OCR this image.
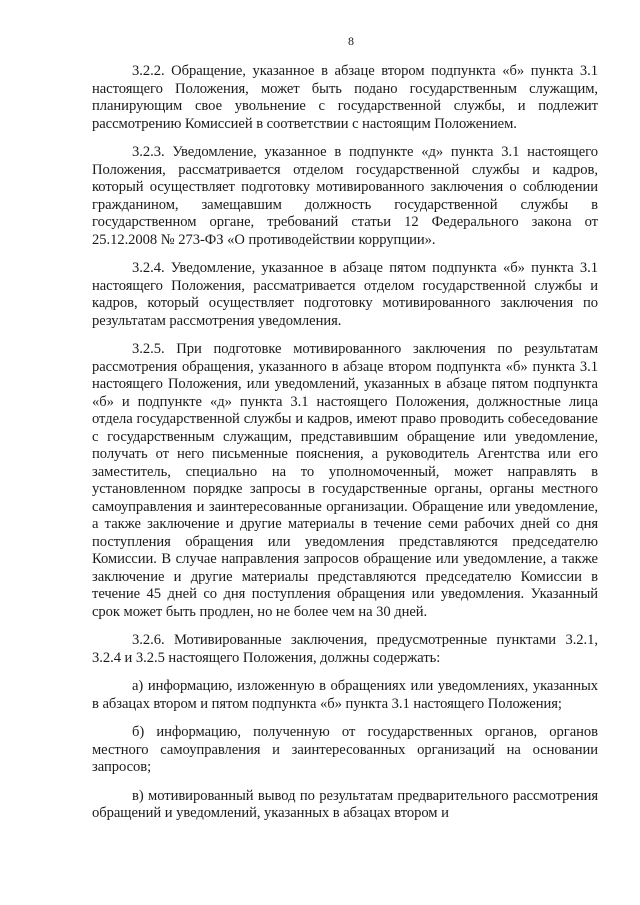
8

3.2.2. Обращение, указанное в абзаце втором подпункта «б» пункта 3.1 настоящего Положения, может быть подано государственным служащим, планирующим свое увольнение с государственной службы, и подлежит рассмотрению Комиссией в соответствии с настоящим Положением.

3.2.3. Уведомление, указанное в подпункте «д» пункта 3.1 настоящего Положения, рассматривается отделом государственной службы и кадров, который осуществляет подготовку мотивированного заключения о соблюдении гражданином, замещавшим должность государственной службы в государственном органе, требований статьи 12 Федерального закона от 25.12.2008 № 273-ФЗ «О противодействии коррупции».

3.2.4. Уведомление, указанное в абзаце пятом подпункта «б» пункта 3.1 настоящего Положения, рассматривается отделом государственной службы и кадров, который осуществляет подготовку мотивированного заключения по результатам рассмотрения уведомления.

3.2.5. При подготовке мотивированного заключения по результатам рассмотрения обращения, указанного в абзаце втором подпункта «б» пункта 3.1 настоящего Положения, или уведомлений, указанных в абзаце пятом подпункта «б» и подпункте «д» пункта 3.1 настоящего Положения, должностные лица отдела государственной службы и кадров, имеют право проводить собеседование с государственным служащим, представившим обращение или уведомление, получать от него письменные пояснения, а руководитель Агентства или его заместитель, специально на то уполномоченный, может направлять в установленном порядке запросы в государственные органы, органы местного самоуправления и заинтересованные организации. Обращение или уведомление, а также заключение и другие материалы в течение семи рабочих дней со дня поступления обращения или уведомления представляются председателю Комиссии. В случае направления запросов обращение или уведомление, а также заключение и другие материалы представляются председателю Комиссии в течение 45 дней со дня поступления обращения или уведомления. Указанный срок может быть продлен, но не более чем на 30 дней.

3.2.6. Мотивированные заключения, предусмотренные пунктами 3.2.1, 3.2.4 и 3.2.5 настоящего Положения, должны содержать:

а) информацию, изложенную в обращениях или уведомлениях, указанных в абзацах втором и пятом подпункта «б» пункта 3.1 настоящего Положения;

б) информацию, полученную от государственных органов, органов местного самоуправления и заинтересованных организаций на основании запросов;

в) мотивированный вывод по результатам предварительного рассмотрения обращений и уведомлений, указанных в абзацах втором и
